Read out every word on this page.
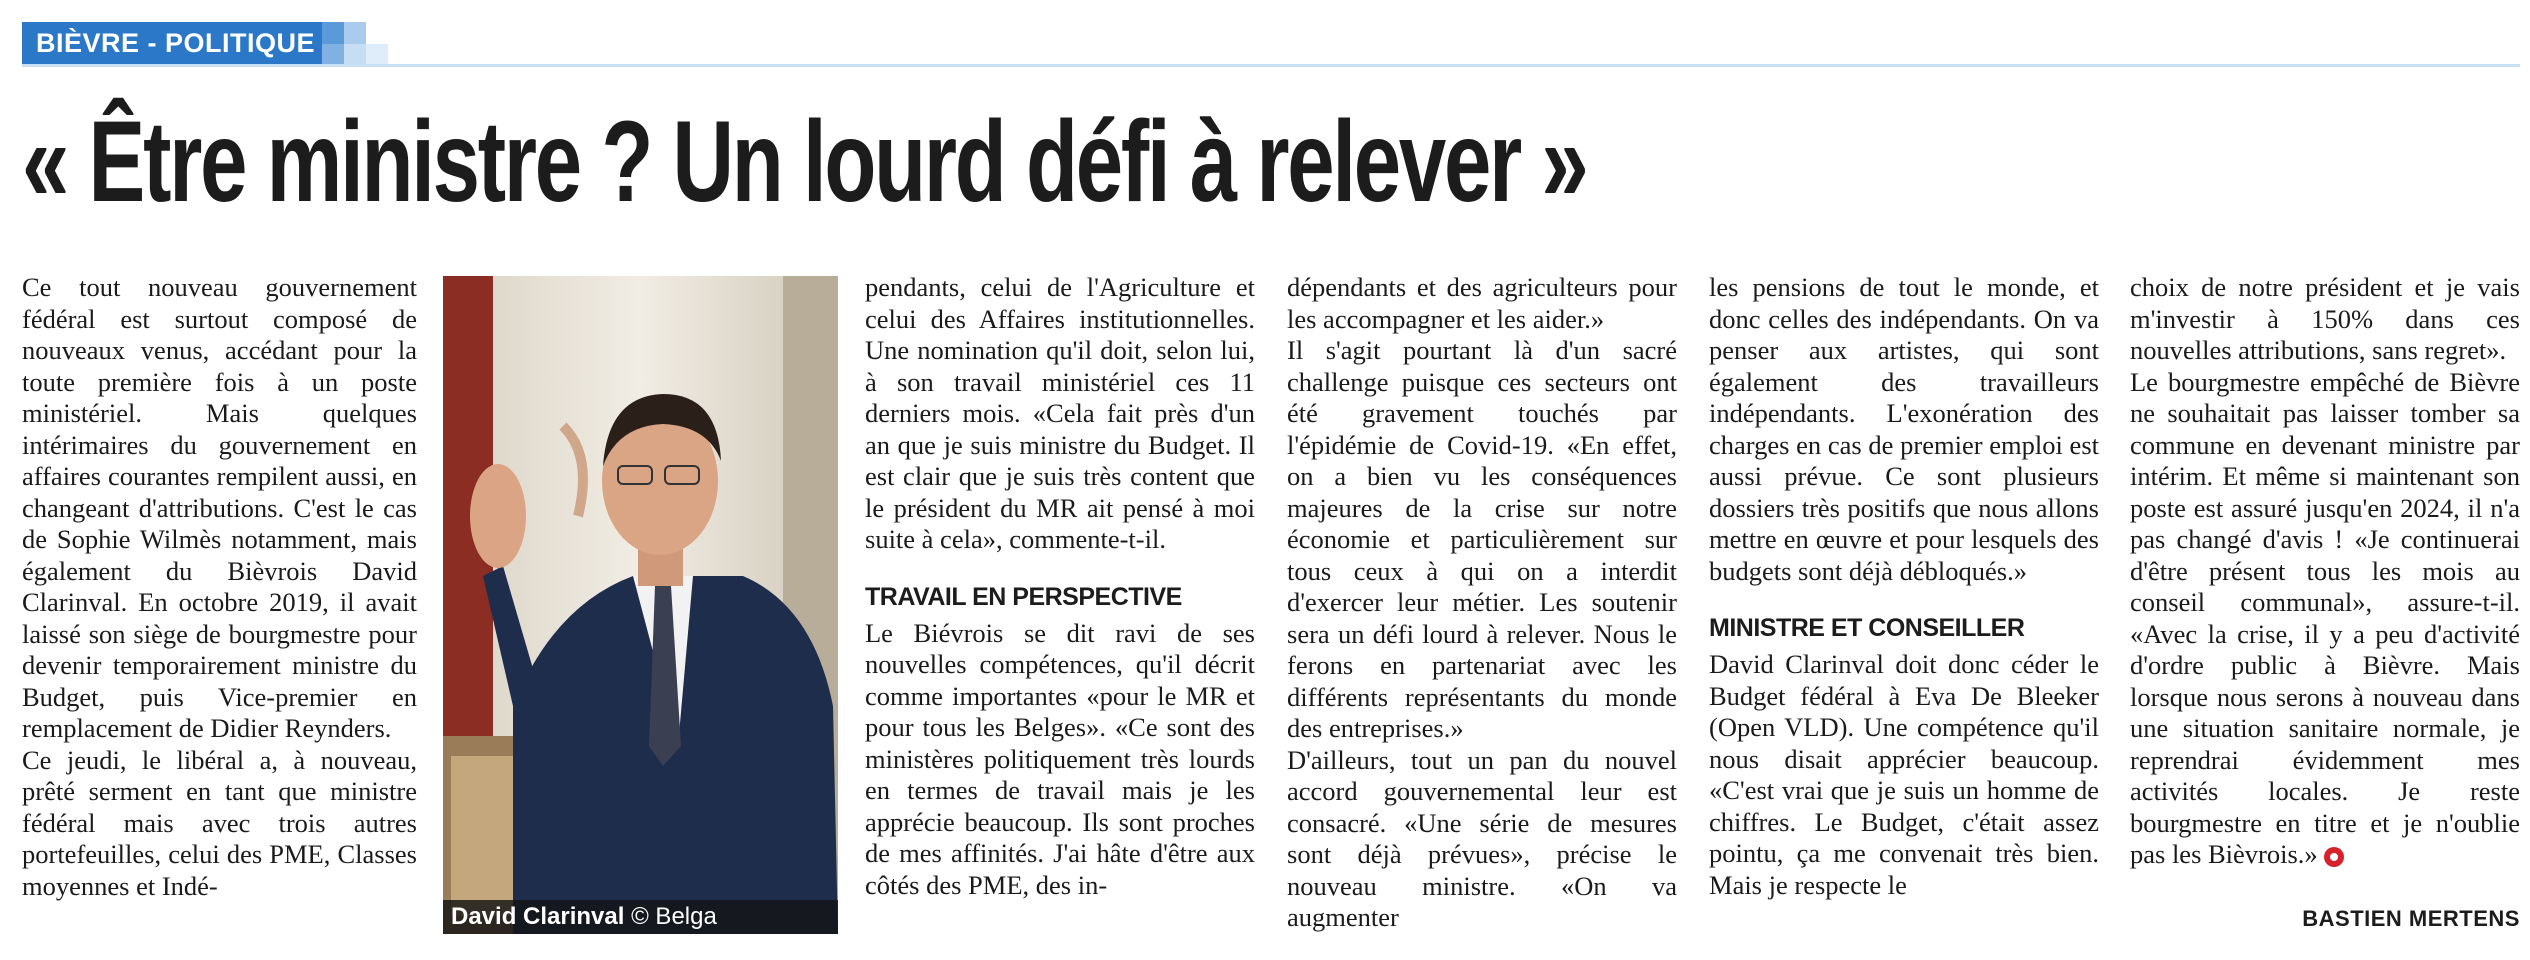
BIÈVRE - POLITIQUE
« Être ministre ? Un lourd défi à relever »

Ce tout nouveau gouvernement fédéral est surtout composé de nouveaux venus, accédant pour la toute première fois à un poste ministériel. Mais quelques intérimaires du gouvernement en affaires courantes rempilent aussi, en changeant d'attributions. C'est le cas de Sophie Wilmès notamment, mais également du Bièvrois David Clarinval. En octobre 2019, il avait laissé son siège de bourgmestre pour devenir temporairement ministre du Budget, puis Vice-premier en remplacement de Didier Reynders.

Ce jeudi, le libéral a, à nouveau, prêté serment en tant que ministre fédéral mais avec trois autres portefeuilles, celui des PME, Classes moyennes et Indé-

David Clarinval © Belga

pendants, celui de l'Agriculture et celui des Affaires institutionnelles. Une nomination qu'il doit, selon lui, à son travail ministériel ces 11 derniers mois. «Cela fait près d'un an que je suis ministre du Budget. Il est clair que je suis très content que le président du MR ait pensé à moi suite à cela», commente-t-il.

TRAVAIL EN PERSPECTIVE

Le Biévrois se dit ravi de ses nouvelles compétences, qu'il décrit comme importantes «pour le MR et pour tous les Belges». «Ce sont des ministères politiquement très lourds en termes de travail mais je les apprécie beaucoup. Ils sont proches de mes affinités. J'ai hâte d'être aux côtés des PME, des in-

dépendants et des agriculteurs pour les accompagner et les aider.»

Il s'agit pourtant là d'un sacré challenge puisque ces secteurs ont été gravement touchés par l'épidémie de Covid-19. «En effet, on a bien vu les conséquences majeures de la crise sur notre économie et particulièrement sur tous ceux à qui on a interdit d'exercer leur métier. Les soutenir sera un défi lourd à relever. Nous le ferons en partenariat avec les différents représentants du monde des entreprises.»

D'ailleurs, tout un pan du nouvel accord gouvernemental leur est consacré. «Une série de mesures sont déjà prévues», précise le nouveau ministre. «On va augmenter

les pensions de tout le monde, et donc celles des indépendants. On va penser aux artistes, qui sont également des travailleurs indépendants. L'exonération des charges en cas de premier emploi est aussi prévue. Ce sont plusieurs dossiers très positifs que nous allons mettre en œuvre et pour lesquels des budgets sont déjà débloqués.»

MINISTRE ET CONSEILLER

David Clarinval doit donc céder le Budget fédéral à Eva De Bleeker (Open VLD). Une compétence qu'il nous disait apprécier beaucoup. «C'est vrai que je suis un homme de chiffres. Le Budget, c'était assez pointu, ça me convenait très bien. Mais je respecte le

choix de notre président et je vais m'investir à 150% dans ces nouvelles attributions, sans regret».

Le bourgmestre empêché de Bièvre ne souhaitait pas laisser tomber sa commune en devenant ministre par intérim. Et même si maintenant son poste est assuré jusqu'en 2024, il n'a pas changé d'avis ! «Je continuerai d'être présent tous les mois au conseil communal», assure-t-il. «Avec la crise, il y a peu d'activité d'ordre public à Bièvre. Mais lorsque nous serons à nouveau dans une situation sanitaire normale, je reprendrai évidemment mes activités locales. Je reste bourgmestre en titre et je n'oublie pas les Bièvrois.»

BASTIEN MERTENS
